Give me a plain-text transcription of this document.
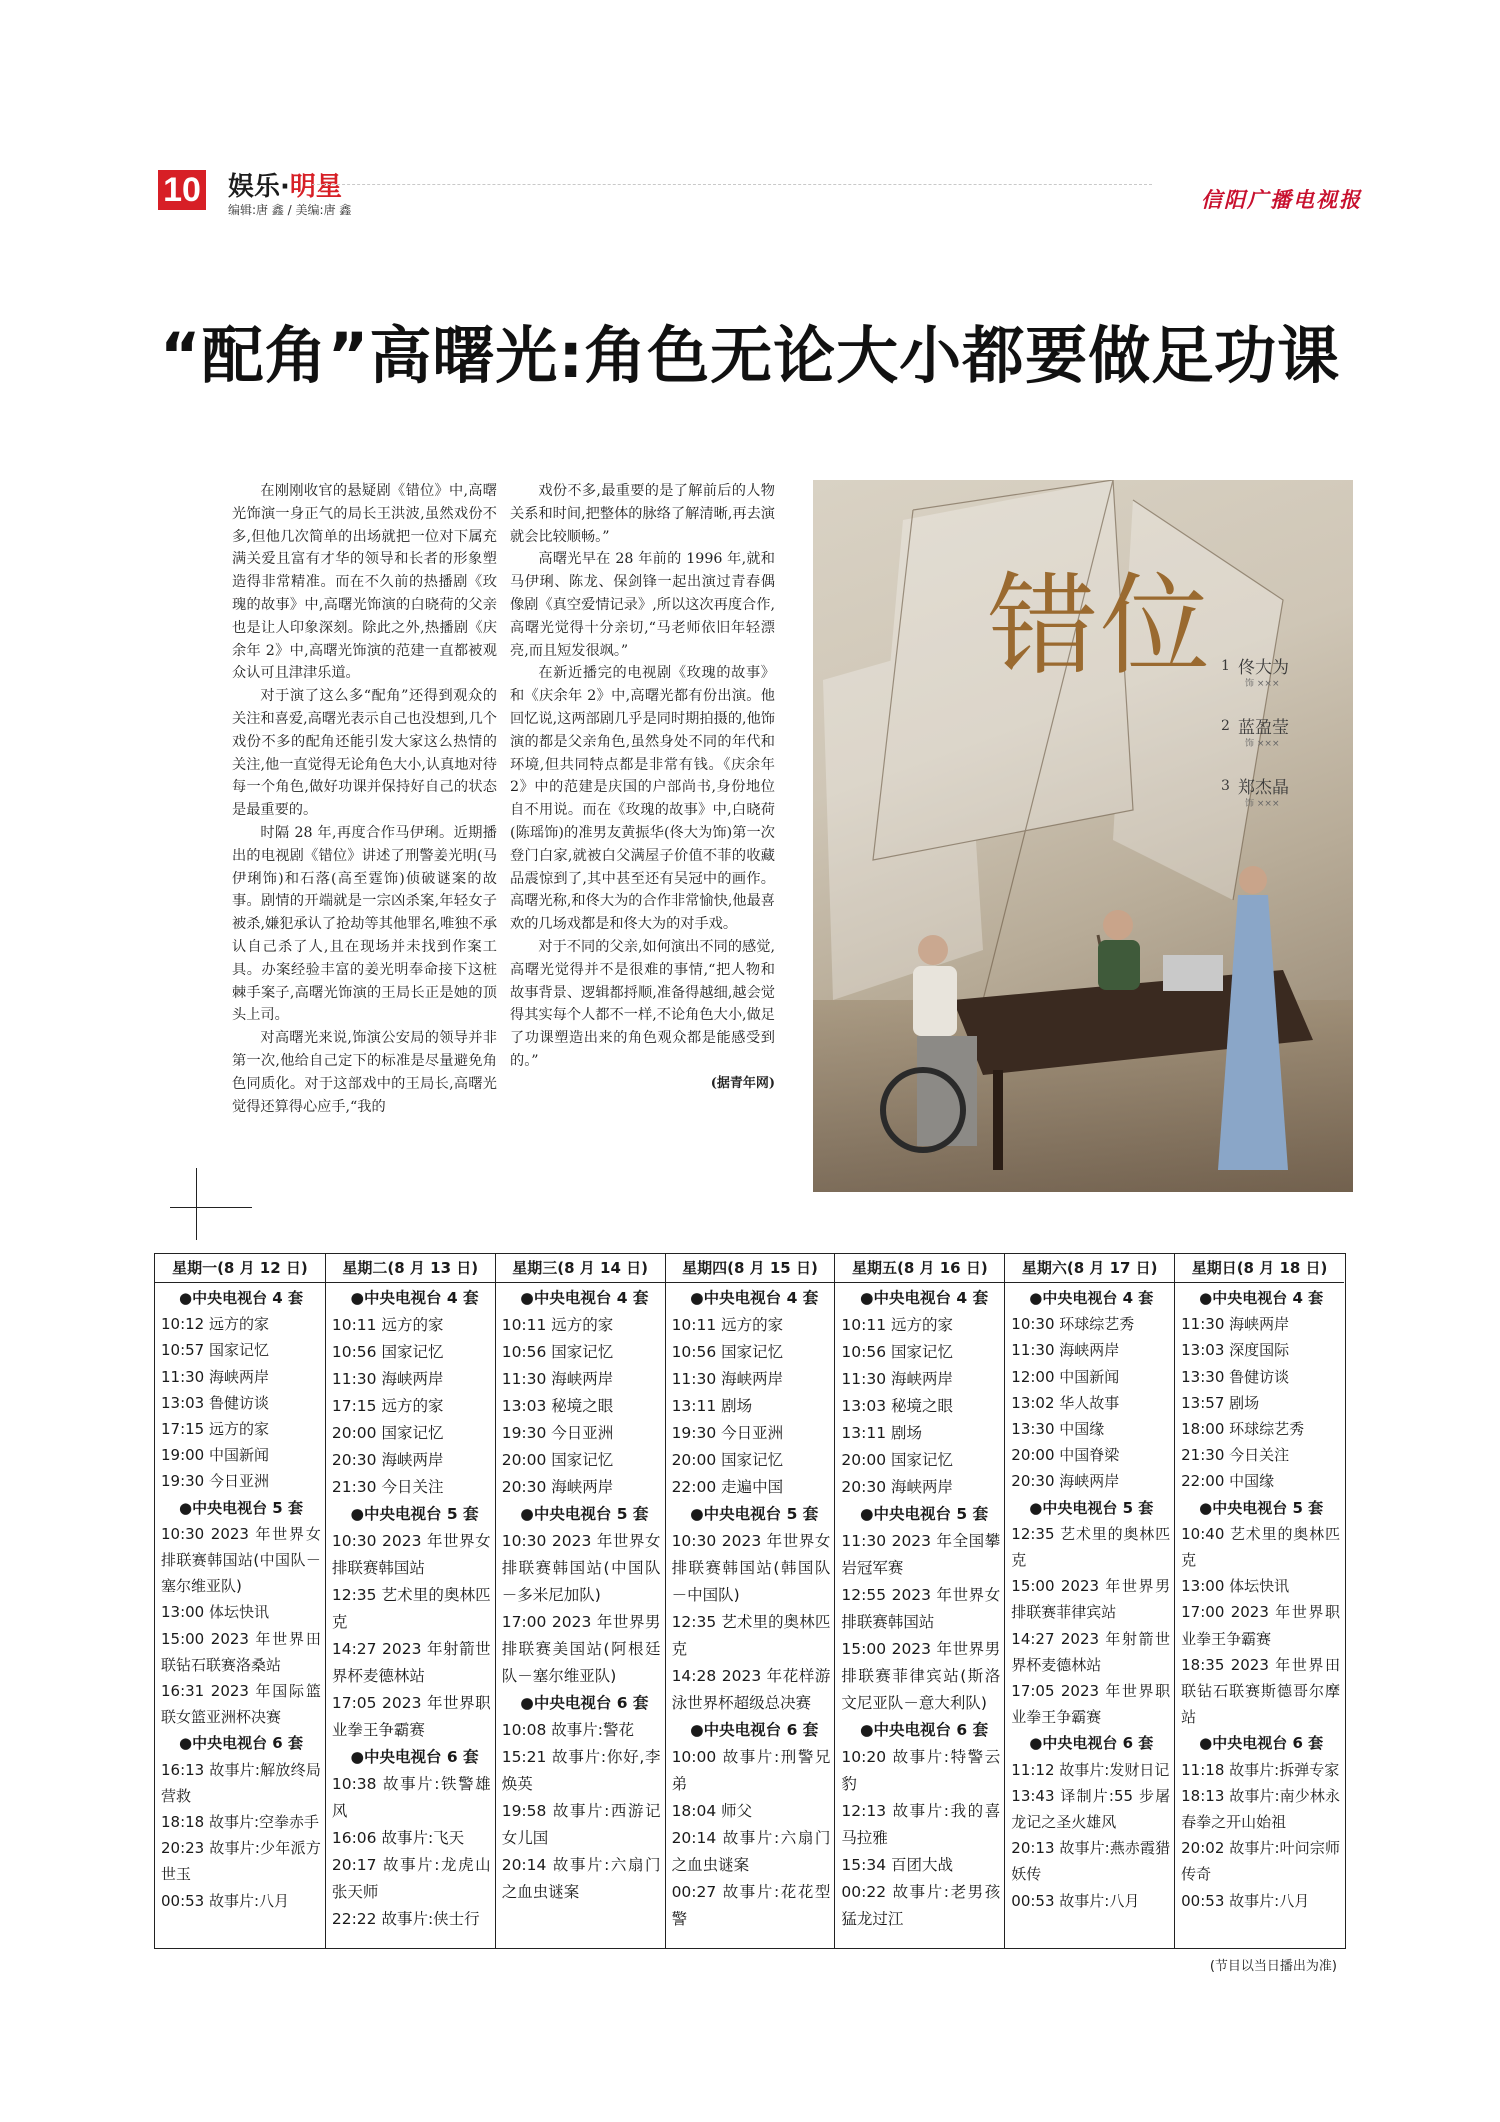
10 娱乐·明星
编辑:唐 鑫 / 美编:唐 鑫	信阳广播电视报
“配角”高曙光:角色无论大小都要做足功课

在刚刚收官的悬疑剧《错位》中,高曙光饰演一身正气的局长王洪波,虽然戏份不多,但他几次简单的出场就把一位对下属充满关爱且富有才华的领导和长者的形象塑造得非常精准。而在不久前的热播剧《玫瑰的故事》中,高曙光饰演的白晓荷的父亲也是让人印象深刻。除此之外,热播剧《庆余年 2》中,高曙光饰演的范建一直都被观众认可且津津乐道。

对于演了这么多“配角”还得到观众的关注和喜爱,高曙光表示自己也没想到,几个戏份不多的配角还能引发大家这么热情的关注,他一直觉得无论角色大小,认真地对待每一个角色,做好功课并保持好自己的状态是最重要的。

时隔 28 年,再度合作马伊琍。近期播出的电视剧《错位》讲述了刑警姜光明(马伊琍饰)和石落(高至霆饰)侦破谜案的故事。剧情的开端就是一宗凶杀案,年轻女子被杀,嫌犯承认了抢劫等其他罪名,唯独不承认自己杀了人,且在现场并未找到作案工具。办案经验丰富的姜光明奉命接下这桩棘手案子,高曙光饰演的王局长正是她的顶头上司。

对高曙光来说,饰演公安局的领导并非第一次,他给自己定下的标准是尽量避免角色同质化。对于这部戏中的王局长,高曙光觉得还算得心应手,“我的

戏份不多,最重要的是了解前后的人物关系和时间,把整体的脉络了解清晰,再去演就会比较顺畅。”

高曙光早在 28 年前的 1996 年,就和马伊琍、陈龙、保剑锋一起出演过青春偶像剧《真空爱情记录》,所以这次再度合作,高曙光觉得十分亲切,“马老师依旧年轻漂亮,而且短发很飒。”

在新近播完的电视剧《玫瑰的故事》和《庆余年 2》中,高曙光都有份出演。他回忆说,这两部剧几乎是同时期拍摄的,他饰演的都是父亲角色,虽然身处不同的年代和环境,但共同特点都是非常有钱。《庆余年 2》中的范建是庆国的户部尚书,身份地位自不用说。而在《玫瑰的故事》中,白晓荷(陈瑶饰)的准男友黄振华(佟大为饰)第一次登门白家,就被白父满屋子价值不菲的收藏品震惊到了,其中甚至还有吴冠中的画作。高曙光称,和佟大为的合作非常愉快,他最喜欢的几场戏都是和佟大为的对手戏。

对于不同的父亲,如何演出不同的感觉,高曙光觉得并不是很难的事情,“把人物和故事背景、逻辑都捋顺,准备得越细,越会觉得其实每个人都不一样,不论角色大小,做足了功课塑造出来的角色观众都是能感受到的。”

(据青年网)

错位 佟大为
饰 ×××
蓝盈莹
饰 ×××
郑杰晶
饰 ×××
1
2
3
星期一(8 月 12 日)
●中央电视台 4 套
10:12 远方的家
10:57 国家记忆
11:30 海峡两岸
13:03 鲁健访谈
17:15 远方的家
19:00 中国新闻
19:30 今日亚洲
●中央电视台 5 套
10:30 2023 年世界女排联赛韩国站(中国队－塞尔维亚队)
13:00 体坛快讯
15:00 2023 年世界田联钻石联赛洛桑站
16:31 2023 年国际篮联女篮亚洲杯决赛
●中央电视台 6 套
16:13 故事片:解放终局营救
18:18 故事片:空拳赤手
20:23 故事片:少年派方世玉
00:53 故事片:八月
星期二(8 月 13 日)
●中央电视台 4 套
10:11 远方的家
10:56 国家记忆
11:30 海峡两岸
17:15 远方的家
20:00 国家记忆
20:30 海峡两岸
21:30 今日关注
●中央电视台 5 套
10:30 2023 年世界女排联赛韩国站
12:35 艺术里的奥林匹克
14:27 2023 年射箭世界杯麦德林站
17:05 2023 年世界职业拳王争霸赛
●中央电视台 6 套
10:38 故事片:铁警雄风
16:06 故事片:飞天
20:17 故事片:龙虎山张天师
22:22 故事片:侠士行
星期三(8 月 14 日)
●中央电视台 4 套
10:11 远方的家
10:56 国家记忆
11:30 海峡两岸
13:03 秘境之眼
19:30 今日亚洲
20:00 国家记忆
20:30 海峡两岸
●中央电视台 5 套
10:30 2023 年世界女排联赛韩国站(中国队－多米尼加队)
17:00 2023 年世界男排联赛美国站(阿根廷队－塞尔维亚队)
●中央电视台 6 套
10:08 故事片:警花
15:21 故事片:你好,李焕英
19:58 故事片:西游记女儿国
20:14 故事片:六扇门之血虫谜案
星期四(8 月 15 日)
●中央电视台 4 套
10:11 远方的家
10:56 国家记忆
11:30 海峡两岸
13:11 剧场
19:30 今日亚洲
20:00 国家记忆
22:00 走遍中国
●中央电视台 5 套
10:30 2023 年世界女排联赛韩国站(韩国队－中国队)
12:35 艺术里的奥林匹克
14:28 2023 年花样游泳世界杯超级总决赛
●中央电视台 6 套
10:00 故事片:刑警兄弟
18:04 师父
20:14 故事片:六扇门之血虫谜案
00:27 故事片:花花型警
星期五(8 月 16 日)
●中央电视台 4 套
10:11 远方的家
10:56 国家记忆
11:30 海峡两岸
13:03 秘境之眼
13:11 剧场
20:00 国家记忆
20:30 海峡两岸
●中央电视台 5 套
11:30 2023 年全国攀岩冠军赛
12:55 2023 年世界女排联赛韩国站
15:00 2023 年世界男排联赛菲律宾站(斯洛文尼亚队－意大利队)
●中央电视台 6 套
10:20 故事片:特警云豹
12:13 故事片:我的喜马拉雅
15:34 百团大战
00:22 故事片:老男孩猛龙过江
星期六(8 月 17 日)
●中央电视台 4 套
10:30 环球综艺秀
11:30 海峡两岸
12:00 中国新闻
13:02 华人故事
13:30 中国缘
20:00 中国脊梁
20:30 海峡两岸
●中央电视台 5 套
12:35 艺术里的奥林匹克
15:00 2023 年世界男排联赛菲律宾站
14:27 2023 年射箭世界杯麦德林站
17:05 2023 年世界职业拳王争霸赛
●中央电视台 6 套
11:12 故事片:发财日记
13:43 译制片:55 步屠龙记之圣火雄风
20:13 故事片:燕赤霞猎妖传
00:53 故事片:八月
星期日(8 月 18 日)
●中央电视台 4 套
11:30 海峡两岸
13:03 深度国际
13:30 鲁健访谈
13:57 剧场
18:00 环球综艺秀
21:30 今日关注
22:00 中国缘
●中央电视台 5 套
10:40 艺术里的奥林匹克
13:00 体坛快讯
17:00 2023 年世界职业拳王争霸赛
18:35 2023 年世界田联钻石联赛斯德哥尔摩站
●中央电视台 6 套
11:18 故事片:拆弹专家
18:13 故事片:南少林永春拳之开山始祖
20:02 故事片:叶问宗师传奇
00:53 故事片:八月
(节目以当日播出为准)
